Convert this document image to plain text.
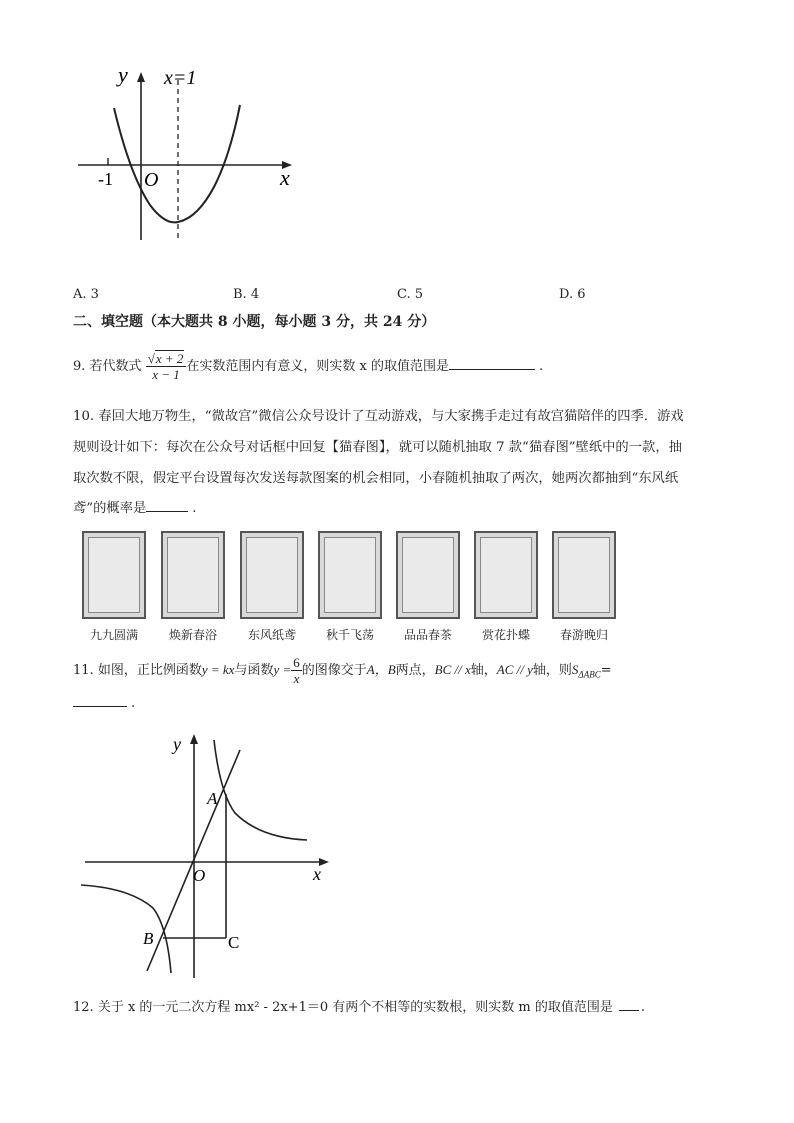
y x=1
-1 O	x
A. 3	B. 4	C. 5	D. 6
二、填空题（本大题共 8 小题，每小题 3 分，共 24 分）
9. 若代数式 $\frac{√x + 2}{x - 1}$ 在实数范围内有意义，则实数 x 的取值范围是	.
10. 春回大地万物生，“微故宫”微信公众号设计了互动游戏，与大家携手走过有故宫猫陪伴的四季．游戏
规则设计如下：每次在公众号对话框中回复【猫春图】，就可以随机抽取 7 款“猫春图”壁纸中的一款，抽
取次数不限，假定平台设置每次发送每款图案的机会相同，小春随机抽取了两次，她两次都抽到“东风纸
鸢”的概率是	.
九九圆满	焕新春浴	东风纸鸢	秋千飞荡	品品春茶	赏花扑蝶	春游晚归
11. 如图，正比例函数y = kx与函数$y = \frac{6}{x}$ 的图像交于A，B两点，BC // x轴，AC // y轴，则$S_{\Delta ABC}=$
.
y
x
O
A
B	C
12. 关于 x 的一元二次方程 mx² - 2x+1＝0 有两个不相等的实数根，则实数 m 的取值范围是 .
